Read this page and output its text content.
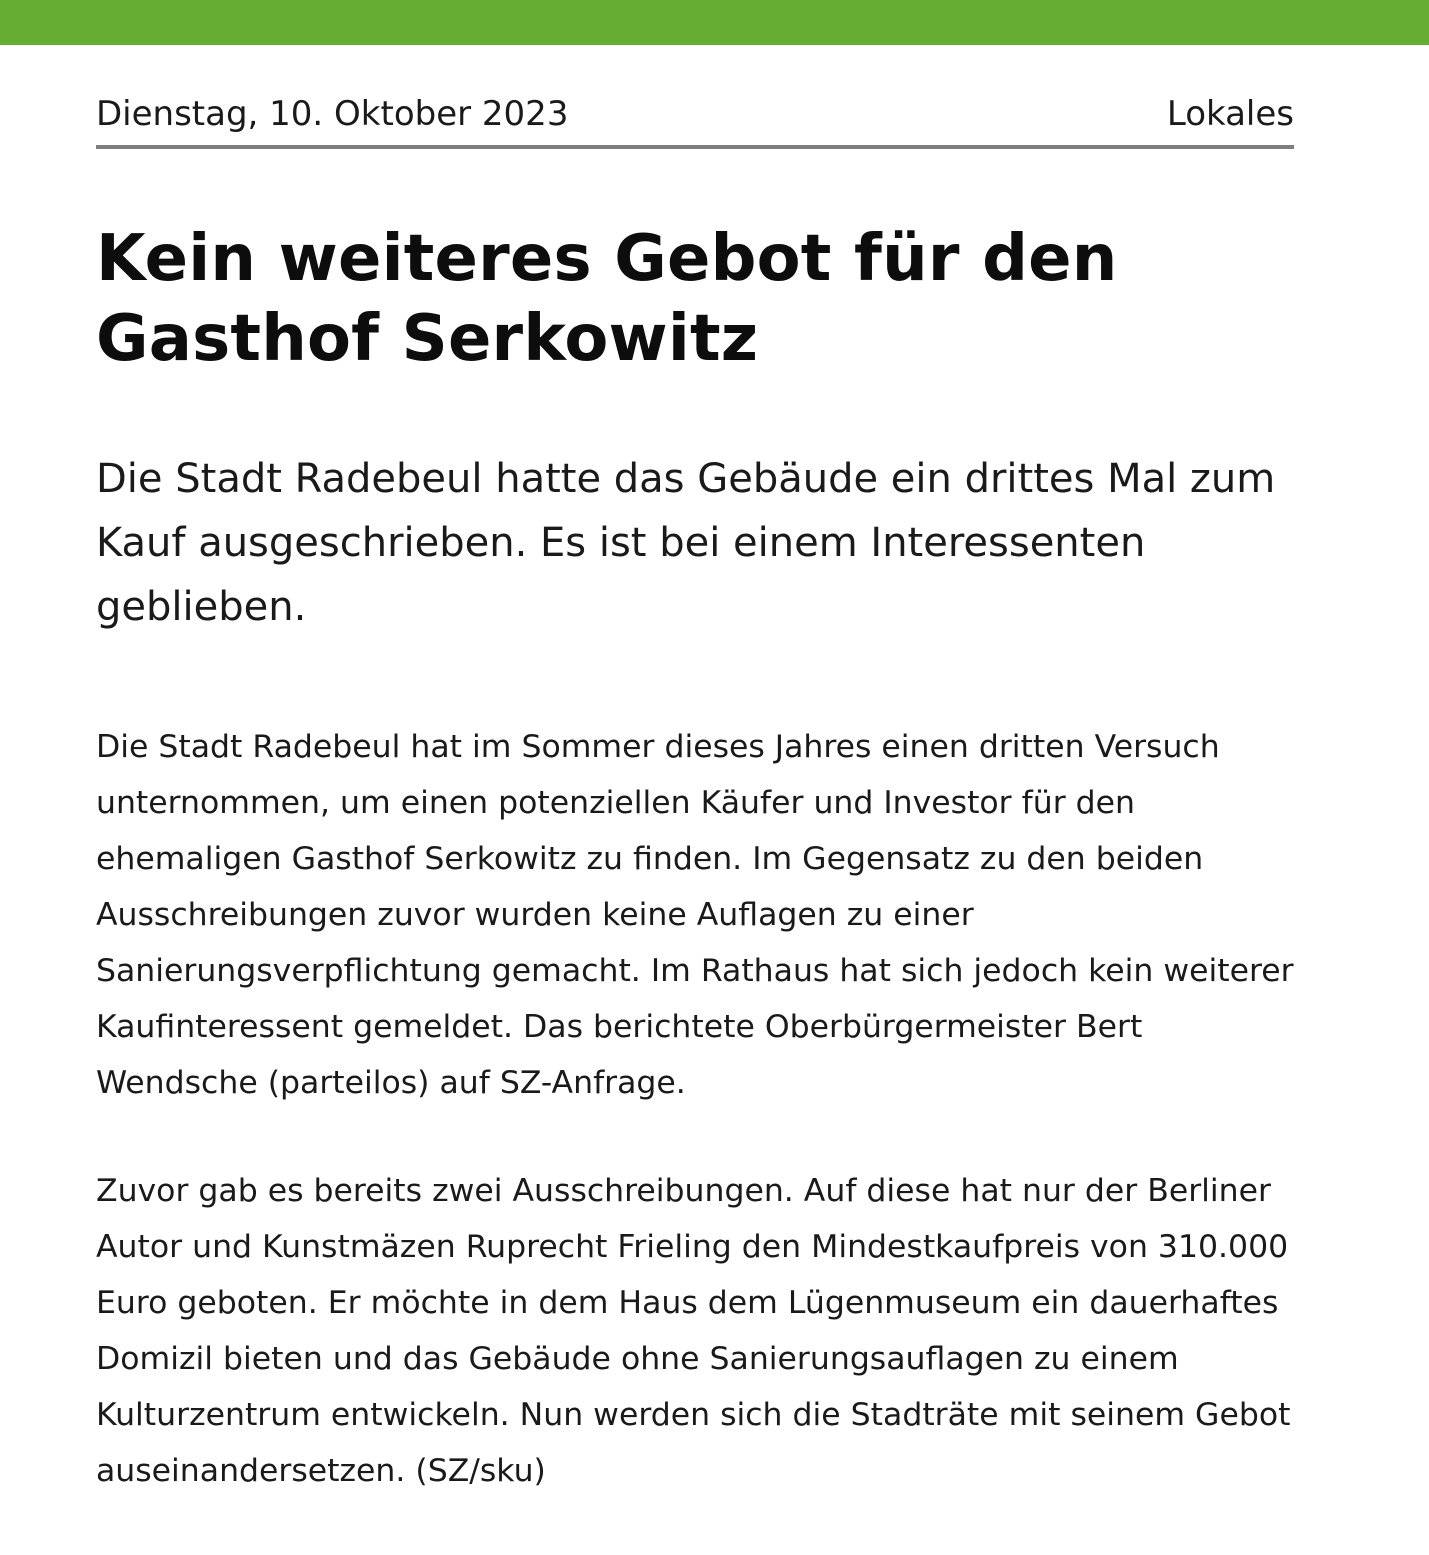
Dienstag, 10. Oktober 2023	Lokales
Kein weiteres Gebot für den Gasthof Serkowitz

Die Stadt Radebeul hatte das Gebäude ein drittes Mal zum Kauf ausgeschrieben. Es ist bei einem Interessenten geblieben.

Die Stadt Radebeul hat im Sommer dieses Jahres einen dritten Versuch unternommen, um einen potenziellen Käufer und Investor für den ehemaligen Gasthof Serkowitz zu finden. Im Gegensatz zu den beiden Ausschreibungen zuvor wurden keine Auflagen zu einer Sanierungsverpflichtung gemacht. Im Rathaus hat sich jedoch kein weiterer Kaufinteressent gemeldet. Das berichtete Oberbürgermeister Bert Wendsche (parteilos) auf SZ-Anfrage.

Zuvor gab es bereits zwei Ausschreibungen. Auf diese hat nur der Berliner Autor und Kunstmäzen Ruprecht Frieling den Mindestkaufpreis von 310.000 Euro geboten. Er möchte in dem Haus dem Lügenmuseum ein dauerhaftes Domizil bieten und das Gebäude ohne Sanierungsauflagen zu einem Kulturzentrum entwickeln. Nun werden sich die Stadträte mit seinem Gebot auseinandersetzen. (SZ/sku)
